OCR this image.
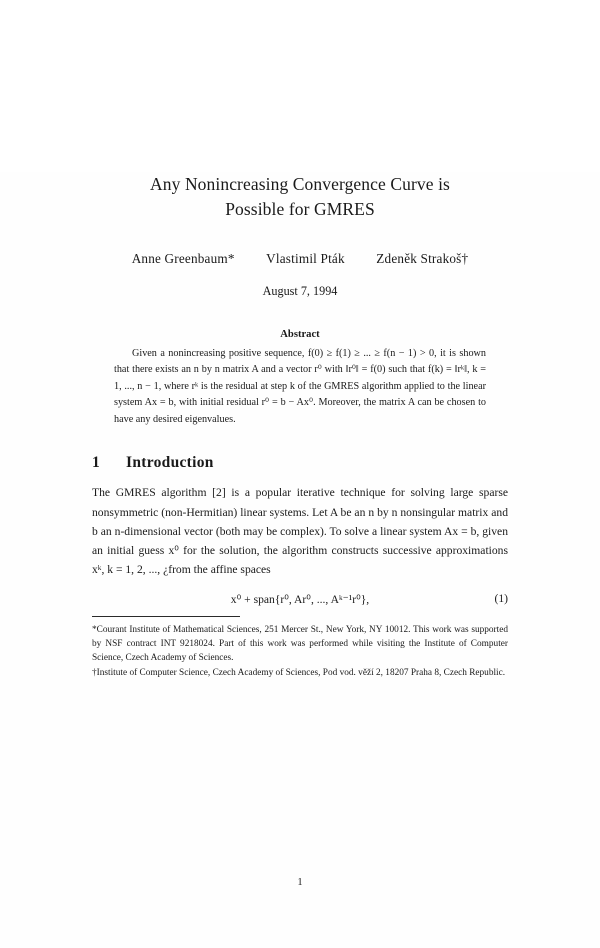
Any Nonincreasing Convergence Curve is
Possible for GMRES
Anne Greenbaum* Vlastimil Pták Zdeněk Strakoš†
August 7, 1994
Abstract
Given a nonincreasing positive sequence, f(0) ≥ f(1) ≥ ... ≥ f(n − 1) > 0, it is shown that there exists an n by n matrix A and a vector r⁰ with ‖r⁰‖ = f(0) such that f(k) = ‖rᵏ‖, k = 1, ..., n − 1, where rᵏ is the residual at step k of the GMRES algorithm applied to the linear system Ax = b, with initial residual r⁰ = b − Ax⁰. Moreover, the matrix A can be chosen to have any desired eigenvalues.
1 Introduction
The GMRES algorithm [2] is a popular iterative technique for solving large sparse nonsymmetric (non-Hermitian) linear systems. Let A be an n by n nonsingular matrix and b an n-dimensional vector (both may be complex). To solve a linear system Ax = b, given an initial guess x⁰ for the solution, the algorithm constructs successive approximations xᵏ, k = 1, 2, ..., ¿from the affine spaces
x⁰ + span{r⁰, Ar⁰, ..., Aᵏ⁻¹r⁰},	(1)

*Courant Institute of Mathematical Sciences, 251 Mercer St., New York, NY 10012. This work was supported by NSF contract INT 9218024. Part of this work was performed while visiting the Institute of Computer Science, Czech Academy of Sciences.

†Institute of Computer Science, Czech Academy of Sciences, Pod vod. věží 2, 18207 Praha 8, Czech Republic.

1
